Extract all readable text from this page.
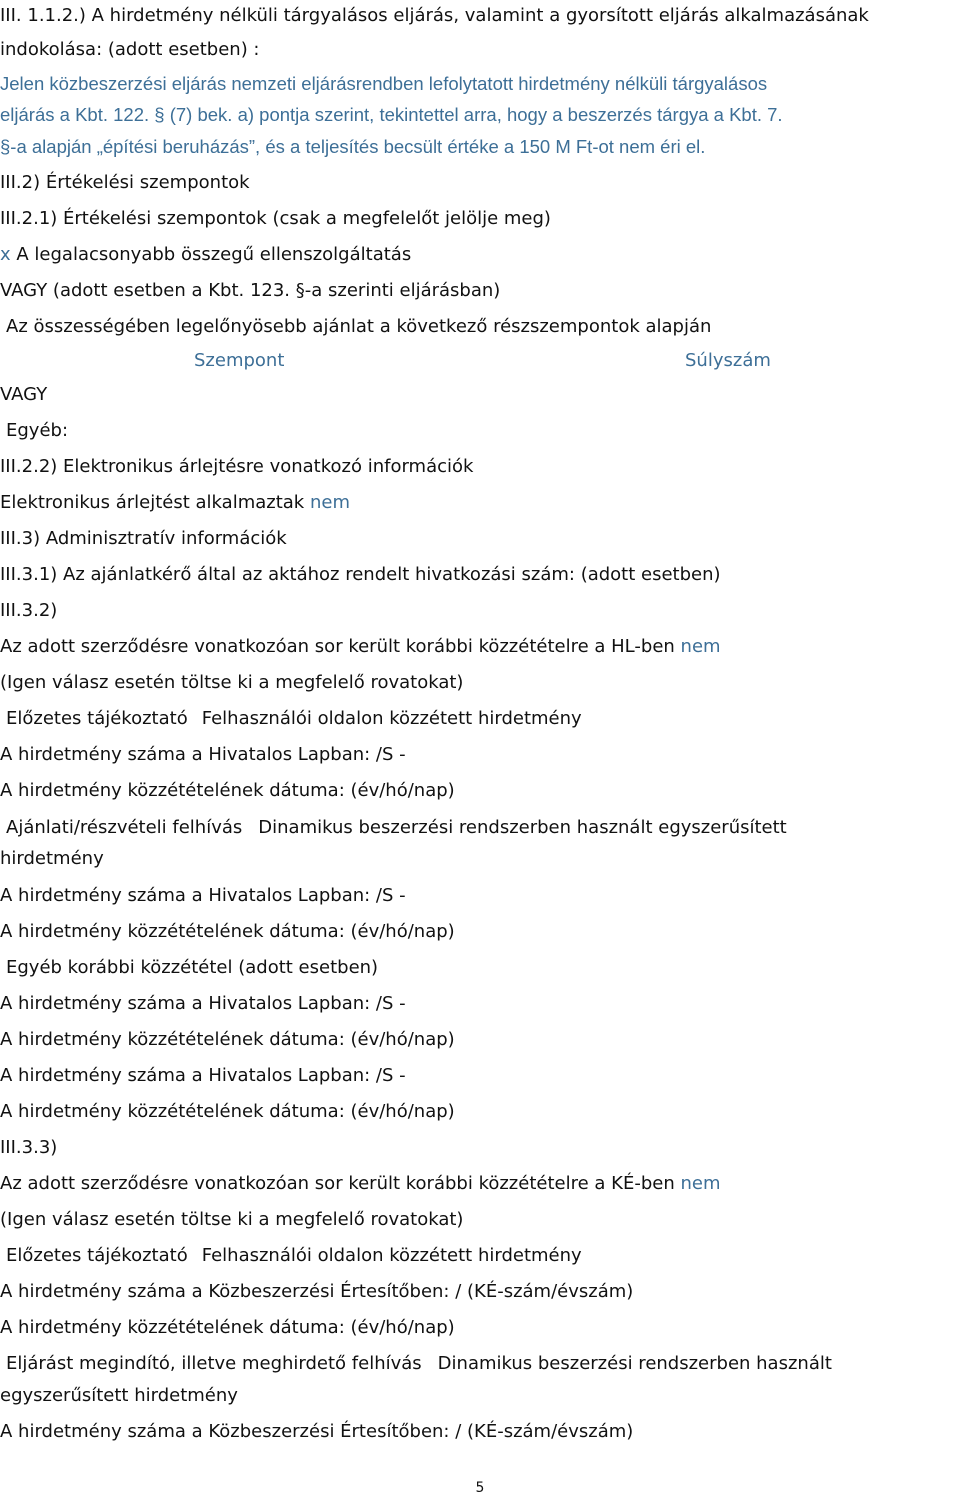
III. 1.1.2.) A hirdetmény nélküli tárgyalásos eljárás, valamint a gyorsított eljárás alkalmazásának
indokolása: (adott esetben) :
Jelen közbeszerzési eljárás nemzeti eljárásrendben lefolytatott hirdetmény nélküli tárgyalásos
eljárás a Kbt. 122. § (7) bek. a) pontja szerint, tekintettel arra, hogy a beszerzés tárgya a Kbt. 7.
§-a alapján „építési beruházás”, és a teljesítés becsült értéke a 150 M Ft-ot nem éri el.
III.2) Értékelési szempontok
III.2.1) Értékelési szempontok (csak a megfelelőt jelölje meg)
x A legalacsonyabb összegű ellenszolgáltatás
VAGY (adott esetben a Kbt. 123. §-a szerinti eljárásban)
Az összességében legelőnyösebb ajánlat a következő részszempontok alapján
Szempont	Súlyszám
VAGY
Egyéb:
III.2.2) Elektronikus árlejtésre vonatkozó információk
Elektronikus árlejtést alkalmaztak nem
III.3) Adminisztratív információk
III.3.1) Az ajánlatkérő által az aktához rendelt hivatkozási szám: (adott esetben)
III.3.2)
Az adott szerződésre vonatkozóan sor került korábbi közzétételre a HL-ben nem
(Igen válasz esetén töltse ki a megfelelő rovatokat)
Előzetes tájékoztató Felhasználói oldalon közzétett hirdetmény
A hirdetmény száma a Hivatalos Lapban: /S -
A hirdetmény közzétételének dátuma: (év/hó/nap)
Ajánlati/részvételi felhívás Dinamikus beszerzési rendszerben használt egyszerűsített
hirdetmény
A hirdetmény száma a Hivatalos Lapban: /S -
A hirdetmény közzétételének dátuma: (év/hó/nap)
Egyéb korábbi közzététel (adott esetben)
A hirdetmény száma a Hivatalos Lapban: /S -
A hirdetmény közzétételének dátuma: (év/hó/nap)
A hirdetmény száma a Hivatalos Lapban: /S -
A hirdetmény közzétételének dátuma: (év/hó/nap)
III.3.3)
Az adott szerződésre vonatkozóan sor került korábbi közzétételre a KÉ-ben nem
(Igen válasz esetén töltse ki a megfelelő rovatokat)
Előzetes tájékoztató Felhasználói oldalon közzétett hirdetmény
A hirdetmény száma a Közbeszerzési Értesítőben: / (KÉ-szám/évszám)
A hirdetmény közzétételének dátuma: (év/hó/nap)
Eljárást megindító, illetve meghirdető felhívás Dinamikus beszerzési rendszerben használt
egyszerűsített hirdetmény
A hirdetmény száma a Közbeszerzési Értesítőben: / (KÉ-szám/évszám)
5
